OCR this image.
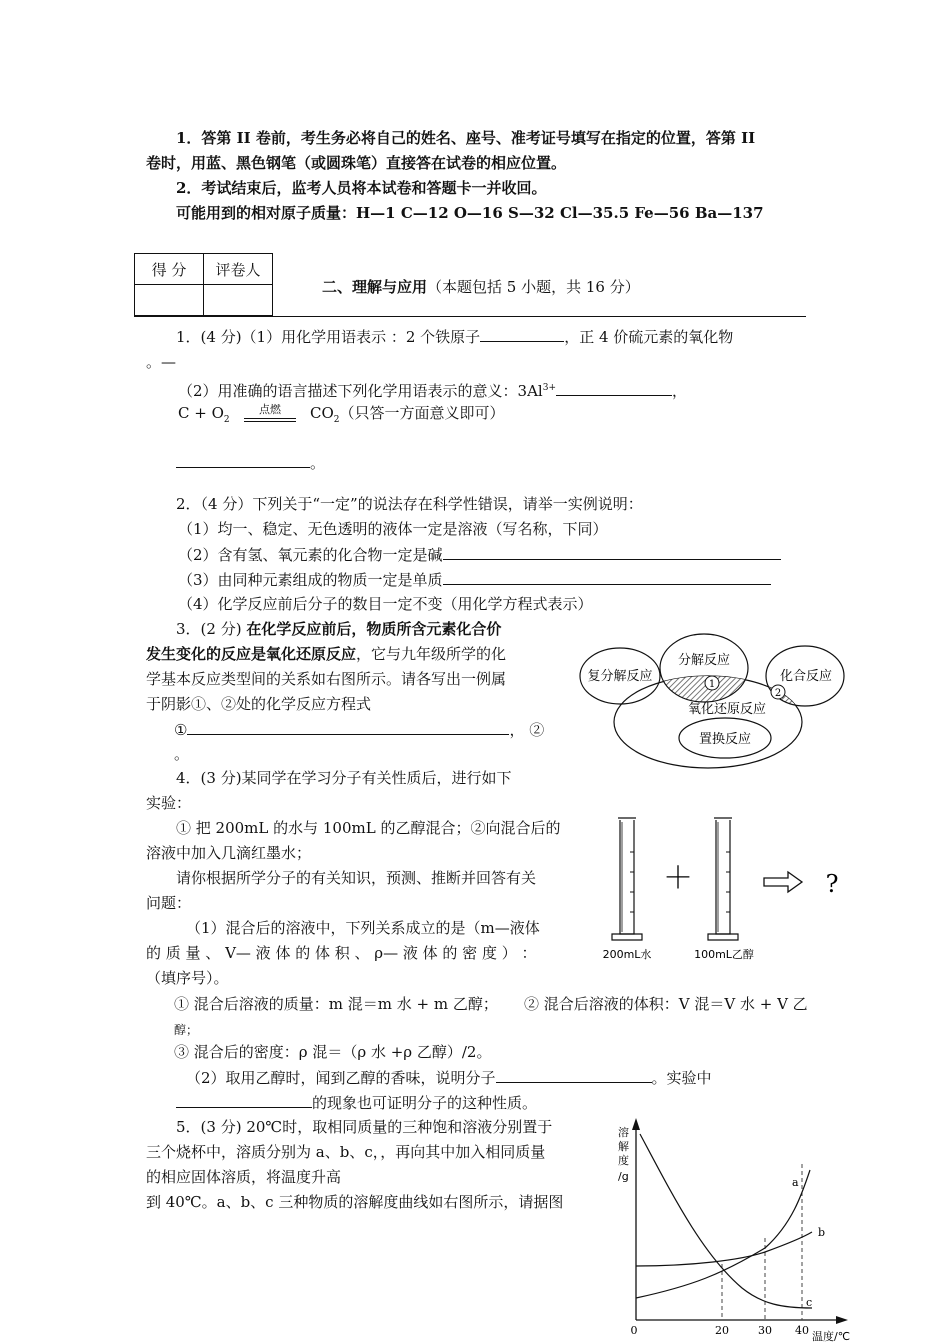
1．答第 II 卷前，考生务必将自己的姓名、座号、准考证号填写在指定的位置，答第 II
卷时，用蓝、黑色钢笔（或圆珠笔）直接答在试卷的相应位置。
2．考试结束后，监考人员将本试卷和答题卡一并收回。
可能用到的相对原子质量：H—1 C—12 O—16 S—32 Cl—35.5 Fe—56 Ba—137
得 分	评卷人

二、理解与应用（本题包括 5 小题，共 16 分）
1．(4 分)（1）用化学用语表示 ：2 个铁原子	，正 4 价硫元素的氧化物
。—
（2）用准确的语言描述下列化学用语表示的意义：$3Al^{3+}$	，
$C + O_2$
点燃	$CO_2$（只答一方面意义即可）
。
2．（4 分）下列关于“一定”的说法存在科学性错误，请举一实例说明：
（1）均一、稳定、无色透明的液体一定是溶液（写名称，下同）
（2）含有氢、氧元素的化合物一定是碱
（3）由同种元素组成的物质一定是单质
（4）化学反应前后分子的数目一定不变（用化学方程式表示）
3．(2 分) 在化学反应前后，物质所含元素化合价
发生变化的反应是氧化还原反应，它与九年级所学的化
学基本反应类型间的关系如右图所示。请各写出一例属
于阴影①、②处的化学反应方程式
①	， ②
。
分解反应
复分解反应	化合反应
氧化还原反应
置换反应
1
2
4．(3 分)某同学在学习分子有关性质后，进行如下
实验：
① 把 200mL 的水与 100mL 的乙醇混合；②向混合后的
溶液中加入几滴红墨水；
请你根据所学分子的有关知识，预测、推断并回答有关
问题：
（1）混合后的溶液中，下列关系成立的是（m—液体
的 质 量 、 V— 液 体 的 体 积 、 ρ— 液 体 的 密 度 ） ：
（填序号）。
① 混合后溶液的质量：m 混＝m 水 + m 乙醇； ② 混合后溶液的体积：V 混＝V 水 + V 乙
醇；
③ 混合后的密度：ρ 混＝（ρ 水 +ρ 乙醇）/2。
（2）取用乙醇时，闻到乙醇的香味，说明分子	。实验中
的现象也可证明分子的这种性质。
＋	?
200mL水	100mL乙醇
5．(3 分) 20℃时，取相同质量的三种饱和溶液分别置于
三个烧杯中，溶质分别为 a、b、c，，再向其中加入相同质量
的相应固体溶质，将温度升高
到 40℃。a、b、c 三种物质的溶解度曲线如右图所示，请据图
溶
解
度
/g
温度/℃
0	20	30 40
a
b
c
